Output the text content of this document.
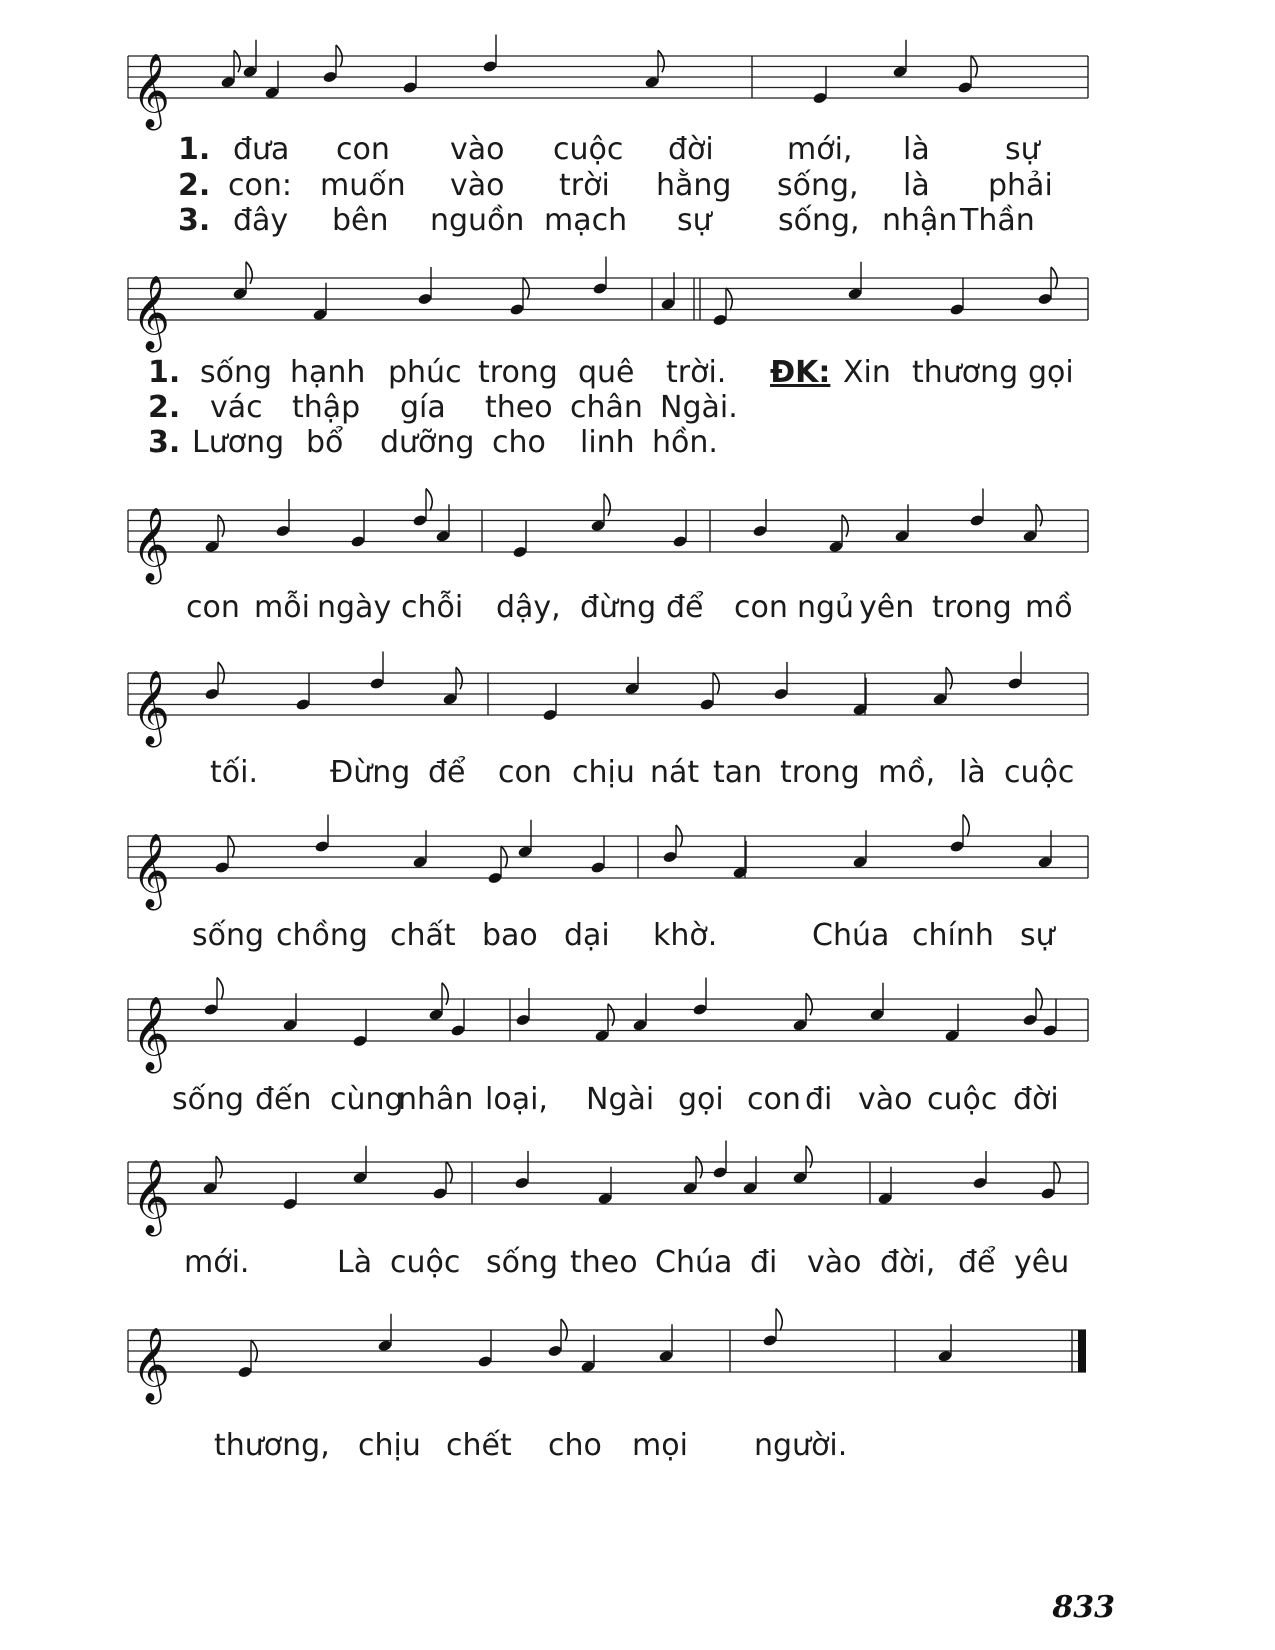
𝄞
𝄞
𝄞
𝄞
𝄞
𝄞
𝄞
𝄞
1. đưa con vào cuộc đời mới, là	sự
2. con: muốn vào trời hằng sống, là phải
3. đây bên nguồn mạch sự sống, nhận Thần
1. sống hạnh phúc trong quê trời. ĐK: Xin thương gọi
2. vác thập gía theo chân Ngài.
3. Lương bổ dưỡng cho linh hồn.
con mỗi ngày chỗi dậy, đừng để con ngủ yên trong mồ
tối. Đừng để con chịu nát tan trong mồ, là cuộc
sống chồng chất bao dại khờ.	Chúa chính sự
sống đến cùng
nhân loại, Ngài gọi con đi vào cuộc đời
mới.	Là cuộc sống theo Chúa đi vào đời, để yêu
thương, chịu chết cho mọi người.
833
